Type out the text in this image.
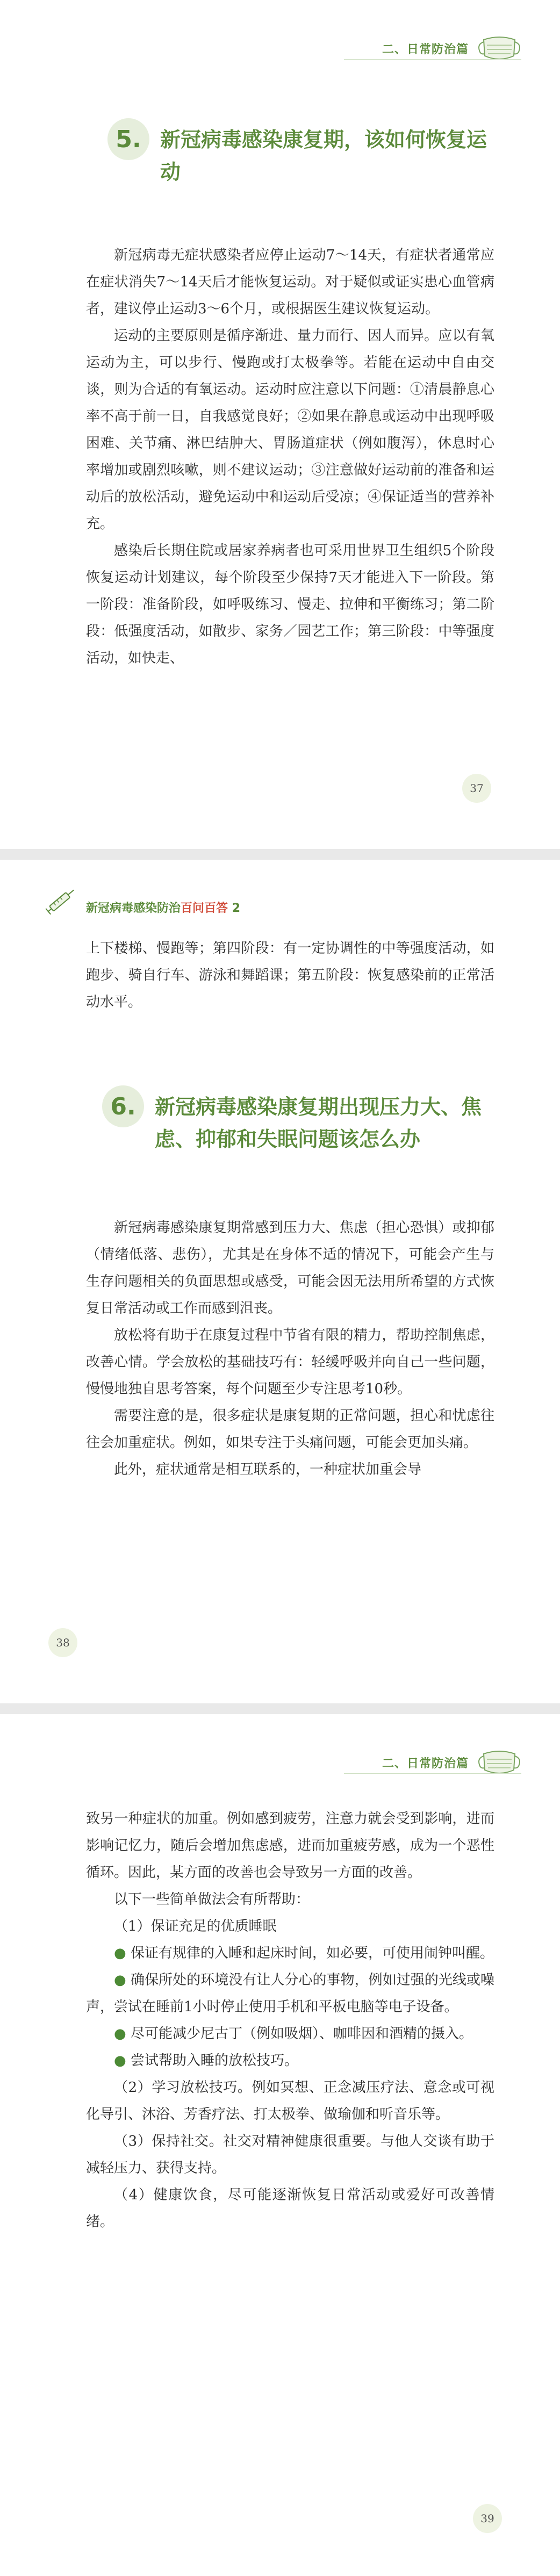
二、日常防治篇
5. 新冠病毒感染康复期，该如何恢复运动

新冠病毒无症状感染者应停止运动7～14天，有症状者通常应在症状消失7～14天后才能恢复运动。对于疑似或证实患心血管病者，建议停止运动3～6个月，或根据医生建议恢复运动。

运动的主要原则是循序渐进、量力而行、因人而异。应以有氧运动为主，可以步行、慢跑或打太极拳等。若能在运动中自由交谈，则为合适的有氧运动。运动时应注意以下问题：①清晨静息心率不高于前一日，自我感觉良好；②如果在静息或运动中出现呼吸困难、关节痛、淋巴结肿大、胃肠道症状（例如腹泻），休息时心率增加或剧烈咳嗽，则不建议运动；③注意做好运动前的准备和运动后的放松活动，避免运动中和运动后受凉；④保证适当的营养补充。

感染后长期住院或居家养病者也可采用世界卫生组织5个阶段恢复运动计划建议，每个阶段至少保持7天才能进入下一阶段。第一阶段：准备阶段，如呼吸练习、慢走、拉伸和平衡练习；第二阶段：低强度活动，如散步、家务／园艺工作；第三阶段：中等强度活动，如快走、

37
新冠病毒感染防治百问百答 2

上下楼梯、慢跑等；第四阶段：有一定协调性的中等强度活动，如跑步、骑自行车、游泳和舞蹈课；第五阶段：恢复感染前的正常活动水平。

6. 新冠病毒感染康复期出现压力大、焦虑、抑郁和失眠问题该怎么办

新冠病毒感染康复期常感到压力大、焦虑（担心恐惧）或抑郁（情绪低落、悲伤），尤其是在身体不适的情况下，可能会产生与生存问题相关的负面思想或感受，可能会因无法用所希望的方式恢复日常活动或工作而感到沮丧。

放松将有助于在康复过程中节省有限的精力，帮助控制焦虑，改善心情。学会放松的基础技巧有：轻缓呼吸并向自己一些问题，慢慢地独自思考答案，每个问题至少专注思考10秒。

需要注意的是，很多症状是康复期的正常问题，担心和忧虑往往会加重症状。例如，如果专注于头痛问题，可能会更加头痛。

此外，症状通常是相互联系的，一种症状加重会导

38
二、日常防治篇

致另一种症状的加重。例如感到疲劳，注意力就会受到影响，进而影响记忆力，随后会增加焦虑感，进而加重疲劳感，成为一个恶性循环。因此，某方面的改善也会导致另一方面的改善。

以下一些简单做法会有所帮助：

（1）保证充足的优质睡眠

● 保证有规律的入睡和起床时间，如必要，可使用闹钟叫醒。

● 确保所处的环境没有让人分心的事物，例如过强的光线或噪声，尝试在睡前1小时停止使用手机和平板电脑等电子设备。

● 尽可能减少尼古丁（例如吸烟）、咖啡因和酒精的摄入。

● 尝试帮助入睡的放松技巧。

（2）学习放松技巧。例如冥想、正念减压疗法、意念或可视化导引、沐浴、芳香疗法、打太极拳、做瑜伽和听音乐等。

（3）保持社交。社交对精神健康很重要。与他人交谈有助于减轻压力、获得支持。

（4）健康饮食，尽可能逐渐恢复日常活动或爱好可改善情绪。

39
